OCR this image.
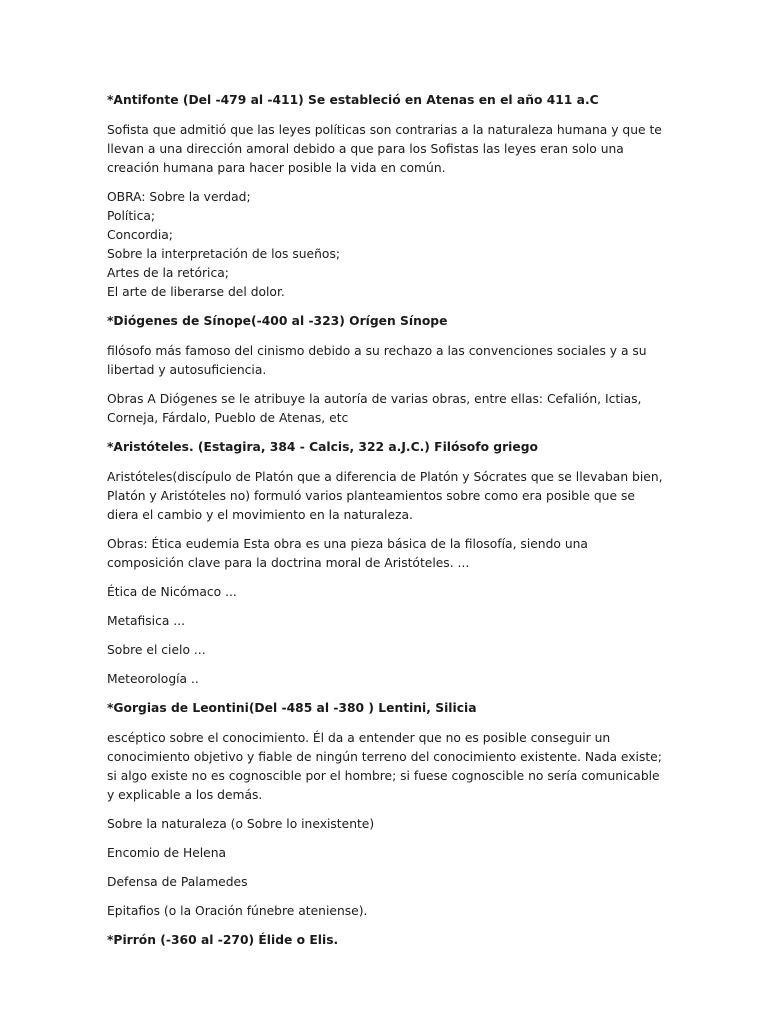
*Antifonte (Del -479 al -411) Se estableció en Atenas en el año 411 a.C

Sofista que admitió que las leyes políticas son contrarias a la naturaleza humana y que te llevan a una dirección amoral debido a que para los Sofistas las leyes eran solo una creación humana para hacer posible la vida en común.

OBRA: Sobre la verdad;
Política;
Concordia;
Sobre la interpretación de los sueños;
Artes de la retórica;
El arte de liberarse del dolor.

*Diógenes de Sínope(-400 al -323) Orígen Sínope

filósofo más famoso del cinismo debido a su rechazo a las convenciones sociales y a su libertad y autosuficiencia.

Obras A Diógenes se le atribuye la autoría de varias obras, entre ellas: Cefalión, Ictias, Corneja, Fárdalo, Pueblo de Atenas, etc

*Aristóteles. (Estagira, 384 - Calcis, 322 a.J.C.) Filósofo griego

Aristóteles(discípulo de Platón que a diferencia de Platón y Sócrates que se llevaban bien, Platón y Aristóteles no) formuló varios planteamientos sobre como era posible que se diera el cambio y el movimiento en la naturaleza.

Obras: Ética eudemia Esta obra es una pieza básica de la filosofía, siendo una composición clave para la doctrina moral de Aristóteles. ...

Ética de Nicómaco ...

Metafisica ...

Sobre el cielo ...

Meteorología ..

*Gorgias de Leontini(Del -485 al -380 ) Lentini, Silicia

escéptico sobre el conocimiento. Él da a entender que no es posible conseguir un conocimiento objetivo y fiable de ningún terreno del conocimiento existente. Nada existe; si algo existe no es cognoscible por el hombre; si fuese cognoscible no sería comunicable y explicable a los demás.

Sobre la naturaleza (o Sobre lo inexistente)

Encomio de Helena

Defensa de Palamedes

Epitafios (o la Oración fúnebre ateniense).

*Pirrón (-360 al -270) Élide o Elis.
